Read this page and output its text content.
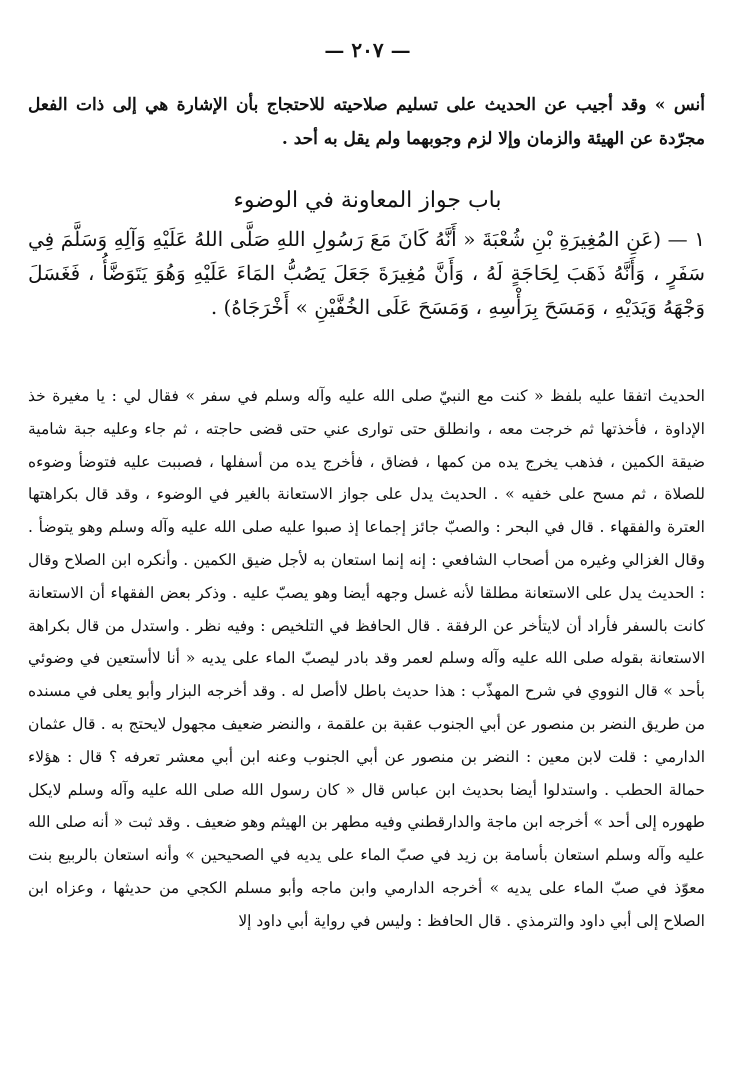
— ٢٠٧ —

أنس » وقد أجيب عن الحديث على تسليم صلاحيته للاحتجاج بأن الإشارة هي إلى ذات الفعل مجرّدة عن الهيئة والزمان وإلا لزم وجوبهما ولم يقل به أحد .

باب جواز المعاونة في الوضوء

١ — (عَنِ المُغِيرَةِ بْنِ شُعْبَةَ « أَنَّهُ كَانَ مَعَ رَسُولِ اللهِ صَلَّى اللهُ عَلَيْهِ وَآلِهِ وَسَلَّمَ فِي سَفَرٍ ، وَأَنَّهُ ذَهَبَ لِحَاجَةٍ لَهُ ، وَأَنَّ مُغِيرَةَ جَعَلَ يَصُبُّ المَاءَ عَلَيْهِ وَهُوَ يَتَوَضَّأُ ، فَغَسَلَ وَجْهَهُ وَيَدَيْهِ ، وَمَسَحَ بِرَأْسِهِ ، وَمَسَحَ عَلَى الخُفَّيْنِ » أَخْرَجَاهُ) .

الحديث اتفقا عليه بلفظ « كنت مع النبيّ صلى الله عليه وآله وسلم في سفر » فقال لي : يا مغيرة خذ الإداوة ، فأخذتها ثم خرجت معه ، وانطلق حتى توارى عني حتى قضى حاجته ، ثم جاء وعليه جبة شامية ضيقة الكمين ، فذهب يخرج يده من كمها ، فضاق ، فأخرج يده من أسفلها ، فصببت عليه فتوضأ وضوءه للصلاة ، ثم مسح على خفيه » . الحديث يدل على جواز الاستعانة بالغير في الوضوء ، وقد قال بكراهتها العترة والفقهاء . قال في البحر : والصبّ جائز إجماعا إذ صبوا عليه صلى الله عليه وآله وسلم وهو يتوضأ . وقال الغزالي وغيره من أصحاب الشافعي : إنه إنما استعان به لأجل ضيق الكمين . وأنكره ابن الصلاح وقال : الحديث يدل على الاستعانة مطلقا لأنه غسل وجهه أيضا وهو يصبّ عليه . وذكر بعض الفقهاء أن الاستعانة كانت بالسفر فأراد أن لايتأخر عن الرفقة . قال الحافظ في التلخيص : وفيه نظر . واستدل من قال بكراهة الاستعانة بقوله صلى الله عليه وآله وسلم لعمر وقد بادر ليصبّ الماء على يديه « أنا لاأستعين في وضوئي بأحد » قال النووي في شرح المهذّب : هذا حديث باطل لاأصل له . وقد أخرجه البزار وأبو يعلى في مسنده من طريق النضر بن منصور عن أبي الجنوب عقبة بن علقمة ، والنضر ضعيف مجهول لايحتج به . قال عثمان الدارمي : قلت لابن معين : النضر بن منصور عن أبي الجنوب وعنه ابن أبي معشر تعرفه ؟ قال : هؤلاء حمالة الحطب . واستدلوا أيضا بحديث ابن عباس قال « كان رسول الله صلى الله عليه وآله وسلم لايكل طهوره إلى أحد » أخرجه ابن ماجة والدارقطني وفيه مطهر بن الهيثم وهو ضعيف . وقد ثبت « أنه صلى الله عليه وآله وسلم استعان بأسامة بن زيد في صبّ الماء على يديه في الصحيحين » وأنه استعان بالربيع بنت معوّذ في صبّ الماء على يديه » أخرجه الدارمي وابن ماجه وأبو مسلم الكجي من حديثها ، وعزاه ابن الصلاح إلى أبي داود والترمذي . قال الحافظ : وليس في رواية أبي داود إلا
